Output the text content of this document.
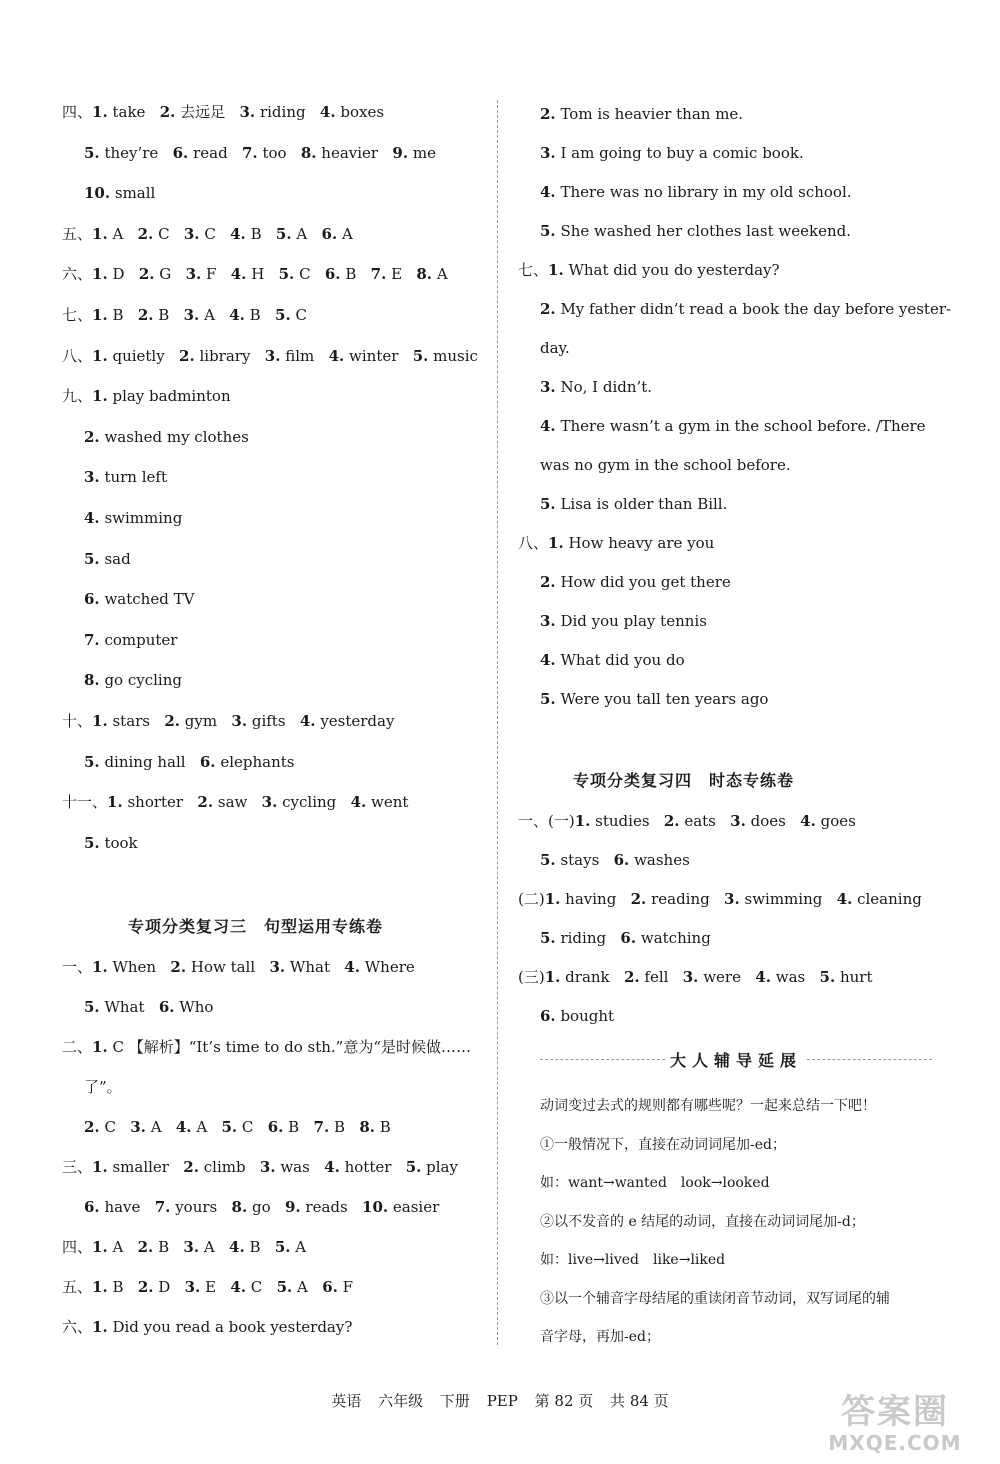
四、1. take 2. 去远足 3. riding 4. boxes
5. they’re 6. read 7. too 8. heavier 9. me
10. small
五、1. A 2. C 3. C 4. B 5. A 6. A
六、1. D 2. G 3. F 4. H 5. C 6. B 7. E 8. A
七、1. B 2. B 3. A 4. B 5. C
八、1. quietly 2. library 3. film 4. winter 5. music
九、1. play badminton
2. washed my clothes
3. turn left
4. swimming
5. sad
6. watched TV
7. computer
8. go cycling
十、1. stars 2. gym 3. gifts 4. yesterday
5. dining hall 6. elephants
十一、1. shorter 2. saw 3. cycling 4. went
5. took
专项分类复习三　句型运用专练卷
一、1. When 2. How tall 3. What 4. Where
5. What 6. Who
二、1. C 【解析】“It’s time to do sth.”意为“是时候做……
了”。
2. C 3. A 4. A 5. C 6. B 7. B 8. B
三、1. smaller 2. climb 3. was 4. hotter 5. play
6. have 7. yours 8. go 9. reads 10. easier
四、1. A 2. B 3. A 4. B 5. A
五、1. B 2. D 3. E 4. C 5. A 6. F
六、1. Did you read a book yesterday?
2. Tom is heavier than me.
3. I am going to buy a comic book.
4. There was no library in my old school.
5. She washed her clothes last weekend.
七、1. What did you do yesterday?
2. My father didn’t read a book the day before yester-
day.
3. No, I didn’t.
4. There wasn’t a gym in the school before. /There
was no gym in the school before.
5. Lisa is older than Bill.
八、1. How heavy are you
2. How did you get there
3. Did you play tennis
4. What did you do
5. Were you tall ten years ago
专项分类复习四　时态专练卷
一、(一)1. studies 2. eats 3. does 4. goes
5. stays 6. washes
(二)1. having 2. reading 3. swimming 4. cleaning
5. riding 6. watching
(三)1. drank 2. fell 3. were 4. was 5. hurt
6. bought
大人辅导延展
动词变过去式的规则都有哪些呢？一起来总结一下吧！
①一般情况下，直接在动词词尾加-ed；
如：want→wanted　look→looked
②以不发音的 e 结尾的动词，直接在动词词尾加-d；
如：live→lived　like→liked
③以一个辅音字母结尾的重读闭音节动词，双写词尾的辅
音字母，再加-ed；
英语 六年级 下册 PEP 第 82 页 共 84 页	答案圈
MXQE.COM
